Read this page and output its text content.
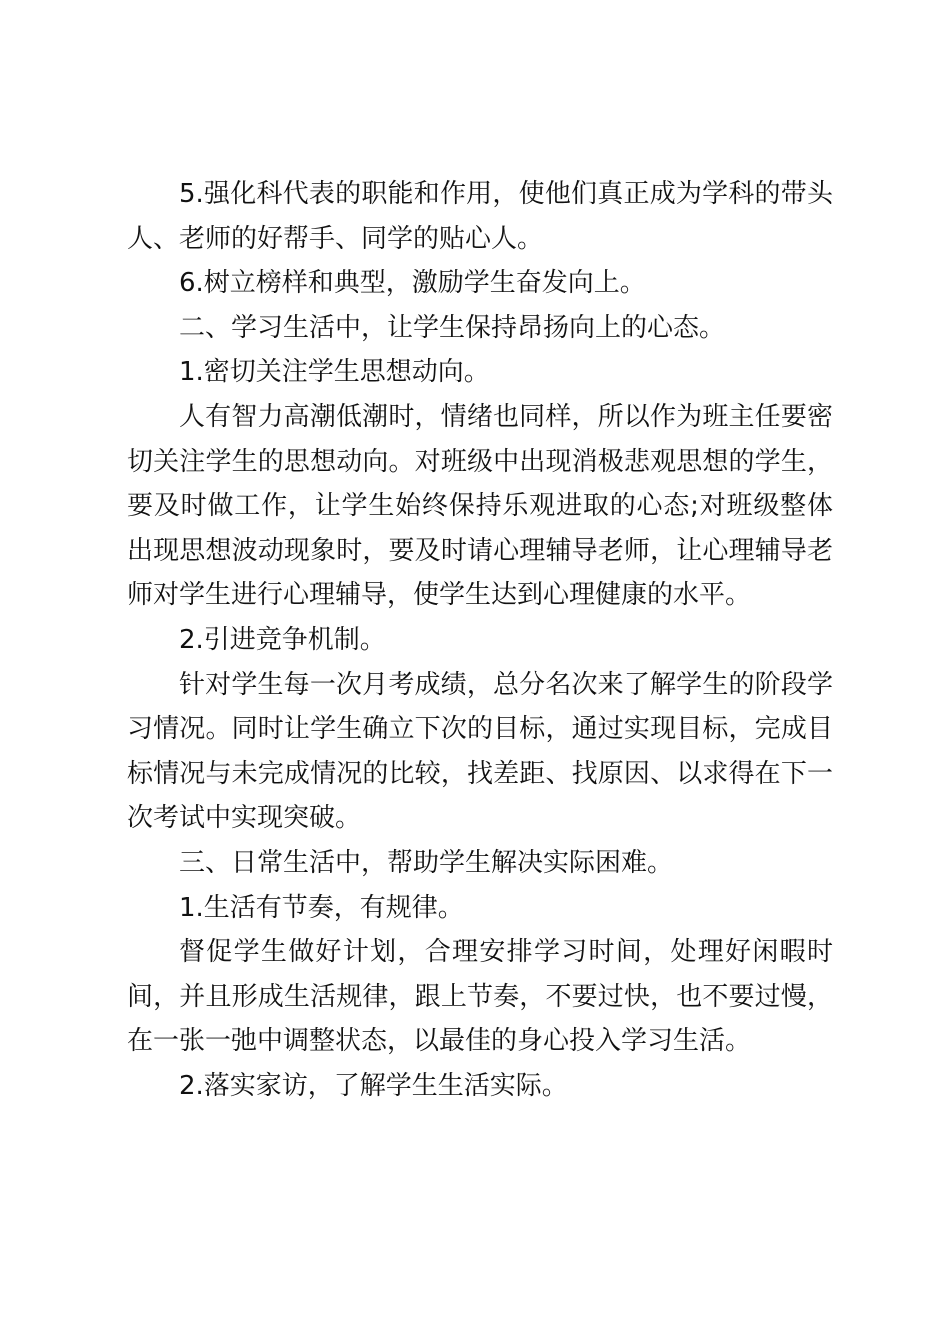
5.强化科代表的职能和作用，使他们真正成为学科的带头人、老师的好帮手、同学的贴心人。

6.树立榜样和典型，激励学生奋发向上。

二、学习生活中，让学生保持昂扬向上的心态。

1.密切关注学生思想动向。

人有智力高潮低潮时，情绪也同样，所以作为班主任要密切关注学生的思想动向。对班级中出现消极悲观思想的学生，要及时做工作，让学生始终保持乐观进取的心态;对班级整体出现思想波动现象时，要及时请心理辅导老师，让心理辅导老师对学生进行心理辅导，使学生达到心理健康的水平。

2.引进竞争机制。

针对学生每一次月考成绩，总分名次来了解学生的阶段学习情况。同时让学生确立下次的目标，通过实现目标，完成目标情况与未完成情况的比较，找差距、找原因、以求得在下一次考试中实现突破。

三、日常生活中，帮助学生解决实际困难。

1.生活有节奏，有规律。

督促学生做好计划，合理安排学习时间，处理好闲暇时间，并且形成生活规律，跟上节奏，不要过快，也不要过慢，在一张一弛中调整状态，以最佳的身心投入学习生活。

2.落实家访，了解学生生活实际。
